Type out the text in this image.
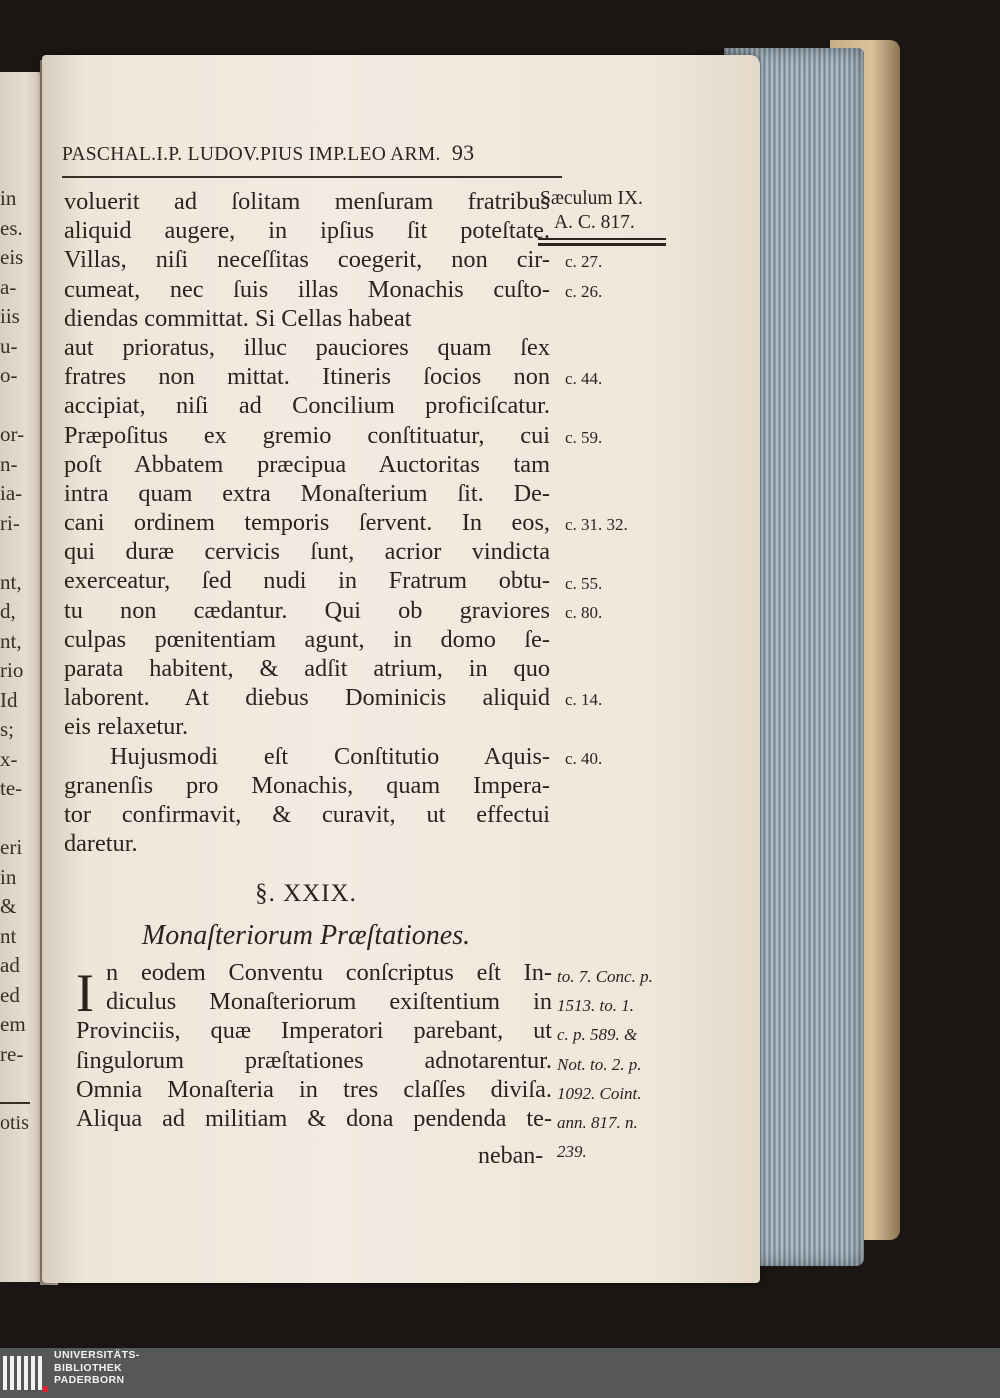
in
es.
eis
a-
iis
u-
o-
or-
n-
ia-
ri-
nt,
d,
nt,
rio
Id
s;
x-
te-
eri
in
&
nt
ad
ed
em
re-
otis
PASCHAL.I.P. LUDOV.PIUS IMP.LEO ARM. 93
Sæculum IX.
A. C. 817.
voluerit ad ſolitam menſuram fratribus
aliquid augere, in ipſius ſit poteſtate.
Villas, niſi neceſſitas coegerit, non cir-
cumeat, nec ſuis illas Monachis cuſto-
diendas committat. Si Cellas habeat
aut prioratus, illuc pauciores quam ſex
fratres non mittat. Itineris ſocios non
accipiat, niſi ad Concilium proficiſcatur.
Præpoſitus ex gremio conſtituatur, cui
poſt Abbatem præcipua Auctoritas tam
intra quam extra Monaſterium ſit. De-
cani ordinem temporis ſervent. In eos,
qui duræ cervicis ſunt, acrior vindicta
exerceatur, ſed nudi in Fratrum obtu-
tu non cædantur. Qui ob graviores
culpas pœnitentiam agunt, in domo ſe-
parata habitent, & adſit atrium, in quo
laborent. At diebus Dominicis aliquid
eis relaxetur.
Hujusmodi eſt Conſtitutio Aquis-
granenſis pro Monachis, quam Impera-
tor confirmavit, & curavit, ut effectui
daretur.
c. 27.
c. 26.
c. 44.
c. 59.
c. 31. 32.
c. 55.
c. 80.
c. 14.
c. 40.
§. XXIX.
Monaſteriorum Præſtationes.
I n eodem Conventu conſcriptus eſt In-
diculus Monaſteriorum exiſtentium in
Provinciis, quæ Imperatori parebant, ut
ſingulorum præſtationes adnotarentur.
Omnia Monaſteria in tres claſſes diviſa.
Aliqua ad militiam & dona pendenda te-
to. 7. Conc. p.
1513. to. 1.
c. p. 589. &
Not. to. 2. p.
1092. Coint.
ann. 817. n.
239.
neban-
UNIVERSITÄTS-
BIBLIOTHEK
PADERBORN
